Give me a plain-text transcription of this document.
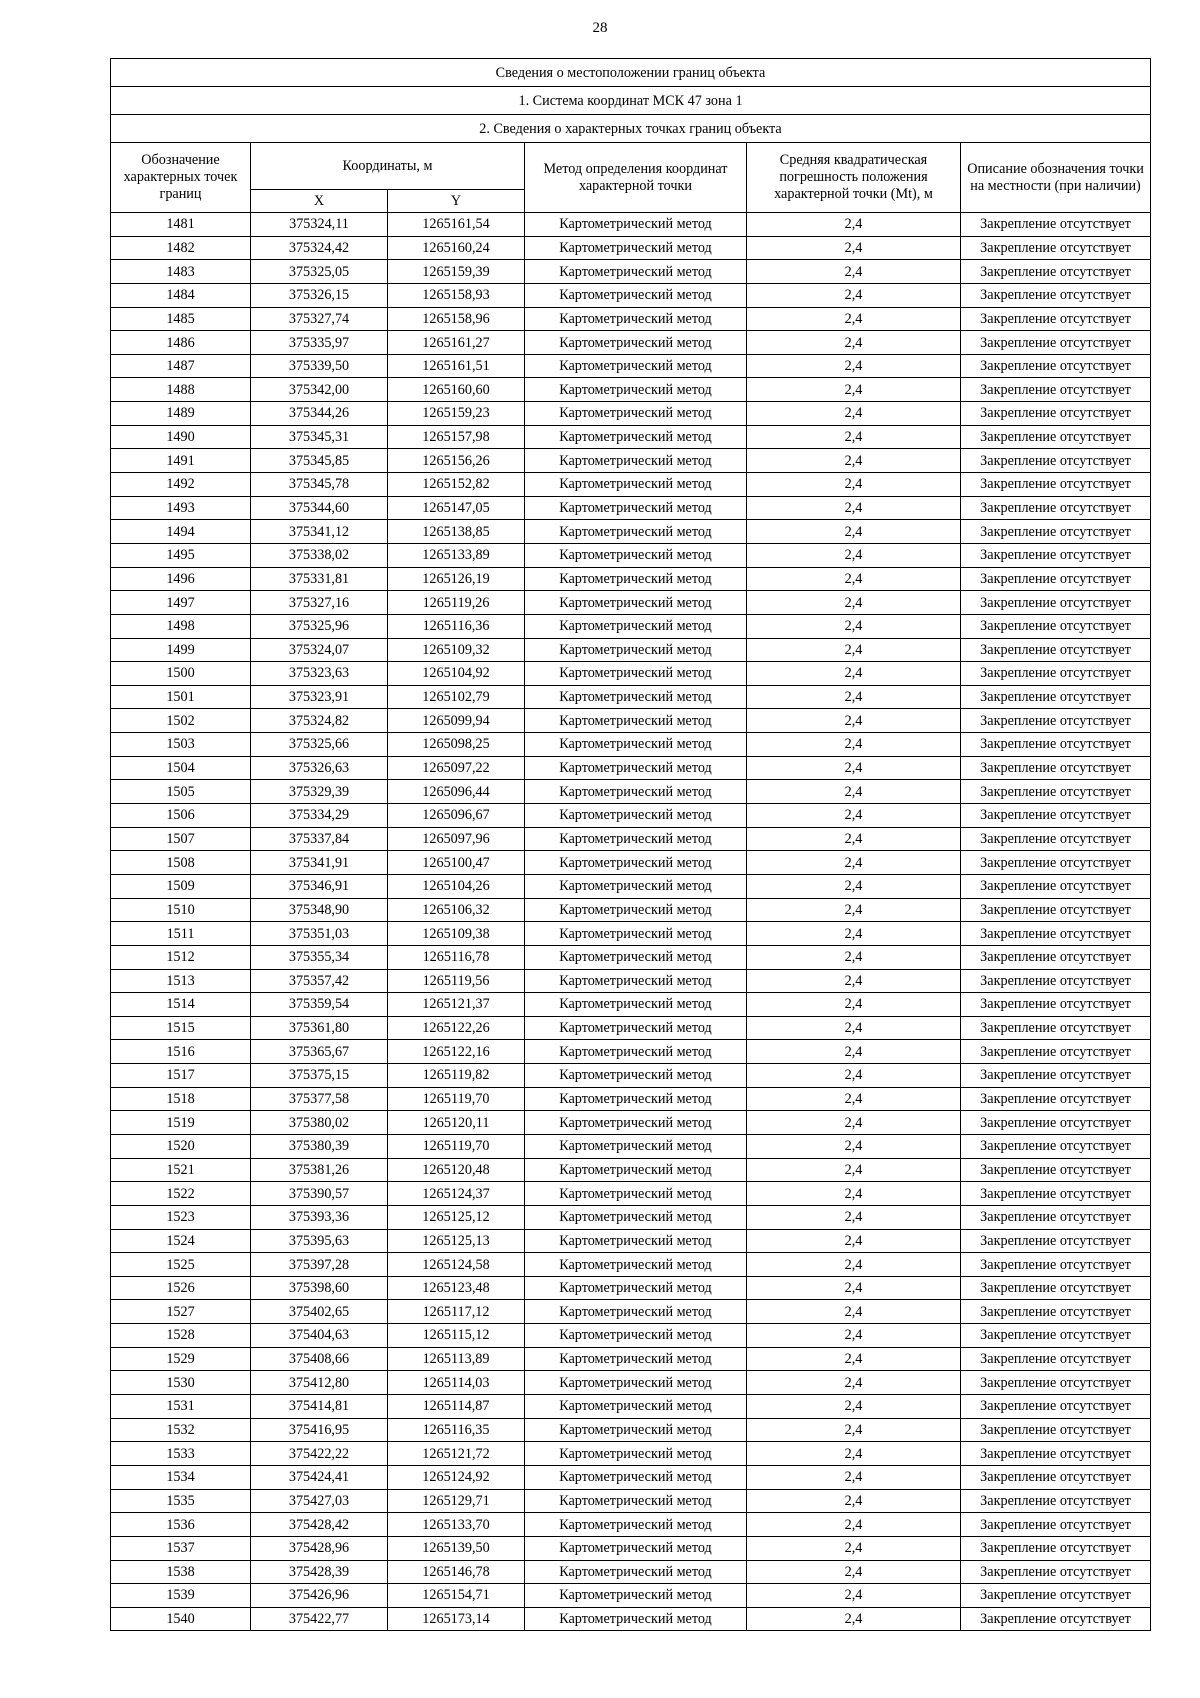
28
Сведения о местоположении границ объекта					
1. Система координат МСК 47 зона 1					
2. Сведения о характерных точках границ объекта					
Обозначение характерных точек границ	Координаты, м		Метод определения координат характерной точки	Средняя квадратическая погрешность положения характерной точки (Mt), м	Описание обозначения точки на местности (при наличии)
	X	Y			
1481	375324,11	1265161,54	Картометрический метод	2,4	Закрепление отсутствует
1482	375324,42	1265160,24	Картометрический метод	2,4	Закрепление отсутствует
1483	375325,05	1265159,39	Картометрический метод	2,4	Закрепление отсутствует
1484	375326,15	1265158,93	Картометрический метод	2,4	Закрепление отсутствует
1485	375327,74	1265158,96	Картометрический метод	2,4	Закрепление отсутствует
1486	375335,97	1265161,27	Картометрический метод	2,4	Закрепление отсутствует
1487	375339,50	1265161,51	Картометрический метод	2,4	Закрепление отсутствует
1488	375342,00	1265160,60	Картометрический метод	2,4	Закрепление отсутствует
1489	375344,26	1265159,23	Картометрический метод	2,4	Закрепление отсутствует
1490	375345,31	1265157,98	Картометрический метод	2,4	Закрепление отсутствует
1491	375345,85	1265156,26	Картометрический метод	2,4	Закрепление отсутствует
1492	375345,78	1265152,82	Картометрический метод	2,4	Закрепление отсутствует
1493	375344,60	1265147,05	Картометрический метод	2,4	Закрепление отсутствует
1494	375341,12	1265138,85	Картометрический метод	2,4	Закрепление отсутствует
1495	375338,02	1265133,89	Картометрический метод	2,4	Закрепление отсутствует
1496	375331,81	1265126,19	Картометрический метод	2,4	Закрепление отсутствует
1497	375327,16	1265119,26	Картометрический метод	2,4	Закрепление отсутствует
1498	375325,96	1265116,36	Картометрический метод	2,4	Закрепление отсутствует
1499	375324,07	1265109,32	Картометрический метод	2,4	Закрепление отсутствует
1500	375323,63	1265104,92	Картометрический метод	2,4	Закрепление отсутствует
1501	375323,91	1265102,79	Картометрический метод	2,4	Закрепление отсутствует
1502	375324,82	1265099,94	Картометрический метод	2,4	Закрепление отсутствует
1503	375325,66	1265098,25	Картометрический метод	2,4	Закрепление отсутствует
1504	375326,63	1265097,22	Картометрический метод	2,4	Закрепление отсутствует
1505	375329,39	1265096,44	Картометрический метод	2,4	Закрепление отсутствует
1506	375334,29	1265096,67	Картометрический метод	2,4	Закрепление отсутствует
1507	375337,84	1265097,96	Картометрический метод	2,4	Закрепление отсутствует
1508	375341,91	1265100,47	Картометрический метод	2,4	Закрепление отсутствует
1509	375346,91	1265104,26	Картометрический метод	2,4	Закрепление отсутствует
1510	375348,90	1265106,32	Картометрический метод	2,4	Закрепление отсутствует
1511	375351,03	1265109,38	Картометрический метод	2,4	Закрепление отсутствует
1512	375355,34	1265116,78	Картометрический метод	2,4	Закрепление отсутствует
1513	375357,42	1265119,56	Картометрический метод	2,4	Закрепление отсутствует
1514	375359,54	1265121,37	Картометрический метод	2,4	Закрепление отсутствует
1515	375361,80	1265122,26	Картометрический метод	2,4	Закрепление отсутствует
1516	375365,67	1265122,16	Картометрический метод	2,4	Закрепление отсутствует
1517	375375,15	1265119,82	Картометрический метод	2,4	Закрепление отсутствует
1518	375377,58	1265119,70	Картометрический метод	2,4	Закрепление отсутствует
1519	375380,02	1265120,11	Картометрический метод	2,4	Закрепление отсутствует
1520	375380,39	1265119,70	Картометрический метод	2,4	Закрепление отсутствует
1521	375381,26	1265120,48	Картометрический метод	2,4	Закрепление отсутствует
1522	375390,57	1265124,37	Картометрический метод	2,4	Закрепление отсутствует
1523	375393,36	1265125,12	Картометрический метод	2,4	Закрепление отсутствует
1524	375395,63	1265125,13	Картометрический метод	2,4	Закрепление отсутствует
1525	375397,28	1265124,58	Картометрический метод	2,4	Закрепление отсутствует
1526	375398,60	1265123,48	Картометрический метод	2,4	Закрепление отсутствует
1527	375402,65	1265117,12	Картометрический метод	2,4	Закрепление отсутствует
1528	375404,63	1265115,12	Картометрический метод	2,4	Закрепление отсутствует
1529	375408,66	1265113,89	Картометрический метод	2,4	Закрепление отсутствует
1530	375412,80	1265114,03	Картометрический метод	2,4	Закрепление отсутствует
1531	375414,81	1265114,87	Картометрический метод	2,4	Закрепление отсутствует
1532	375416,95	1265116,35	Картометрический метод	2,4	Закрепление отсутствует
1533	375422,22	1265121,72	Картометрический метод	2,4	Закрепление отсутствует
1534	375424,41	1265124,92	Картометрический метод	2,4	Закрепление отсутствует
1535	375427,03	1265129,71	Картометрический метод	2,4	Закрепление отсутствует
1536	375428,42	1265133,70	Картометрический метод	2,4	Закрепление отсутствует
1537	375428,96	1265139,50	Картометрический метод	2,4	Закрепление отсутствует
1538	375428,39	1265146,78	Картометрический метод	2,4	Закрепление отсутствует
1539	375426,96	1265154,71	Картометрический метод	2,4	Закрепление отсутствует
1540	375422,77	1265173,14	Картометрический метод	2,4	Закрепление отсутствует
